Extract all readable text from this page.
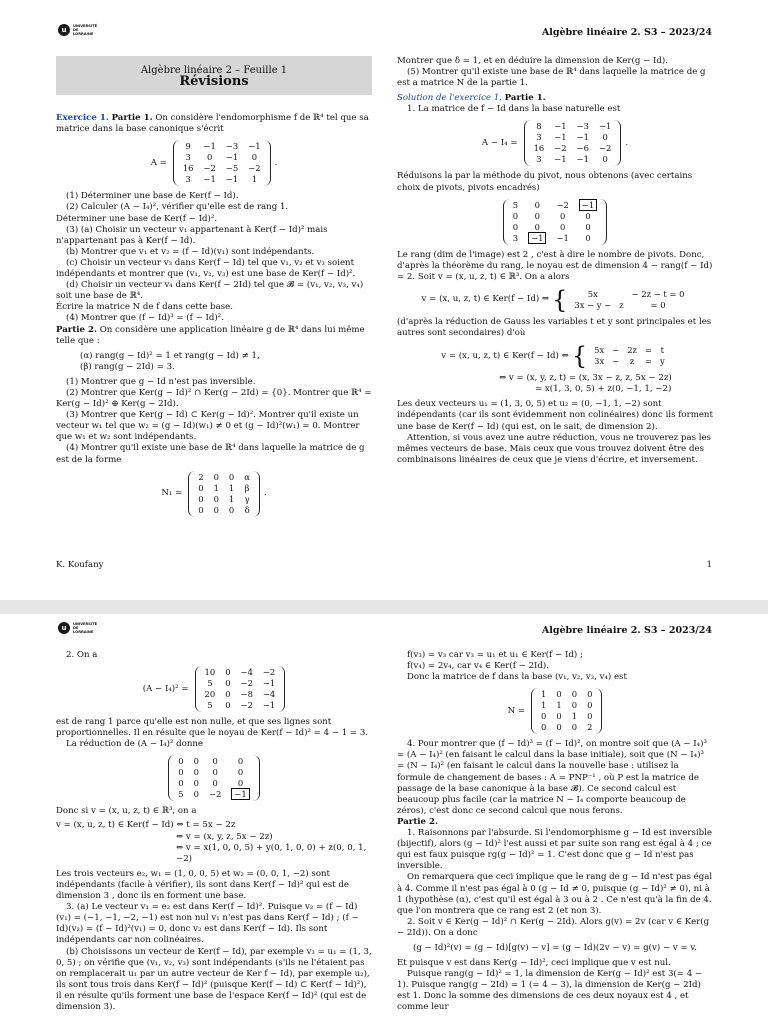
u	UNIVERSITÉ DE LORRAINE	Algèbre linéaire 2. S3 – 2023/24
Algèbre linéaire 2 – Feuille 1
Révisions

Exercice 1. Partie 1. On considère l'endomorphisme f de ℝ⁴ tel que sa matrice dans la base canonique s'écrit

A =
9	−1	−3	−1
3	0	−1	0
16	−2	−5	−2
3	−1	−1	1
.

(1) Déterminer une base de Ker(f − Id).

(2) Calculer (A − I₄)², vérifier qu'elle est de rang 1.

Déterminer une base de Ker(f − Id)².

(3) (a) Choisir un vecteur v₁ appartenant à Ker(f − Id)² mais n'appartenant pas à Ker(f − Id).

(b) Montrer que v₁ et v₂ = (f − Id)(v₁) sont indépendants.

(c) Choisir un vecteur v₃ dans Ker(f − Id) tel que v₁, v₂ et v₃ soient indépendants et montrer que (v₁, v₂, v₃) est une base de Ker(f − Id)².

(d) Choisir un vecteur v₄ dans Ker(f − 2Id) tel que 𝓑 = (v₁, v₂, v₃, v₄) soit une base de ℝ⁴.

Écrire la matrice N de f dans cette base.

(4) Montrer que (f − Id)³ = (f − Id)².

Partie 2. On considère une application linéaire g de ℝ⁴ dans lui même telle que :

(α) rang(g − Id)² = 1 et rang(g − Id) ≠ 1,

(β) rang(g − 2Id) = 3.

(1) Montrer que g − Id n'est pas inversible.

(2) Montrer que Ker(g − Id)² ∩ Ker(g − 2Id) = {0}. Montrer que ℝ⁴ = Ker(g − Id)² ⊕ Ker(g − 2Id).

(3) Montrer que Ker(g − Id) ⊂ Ker(g − Id)². Montrer qu'il existe un vecteur w₁ tel que w₂ = (g − Id)(w₁) ≠ 0 et (g − Id)²(w₁) = 0. Montrer que w₁ et w₂ sont indépendants.

(4) Montrer qu'il existe une base de ℝ⁴ dans laquelle la matrice de g est de la forme

N₁ =
2	0	0	α
0	1	1	β
0	0	1	γ
0	0	0	δ
.

Montrer que δ = 1, et en déduire la dimension de Ker(g − Id).

(5) Montrer qu'il existe une base de ℝ⁴ dans laquelle la matrice de g est a matrice N de la partie 1.

Solution de l'exercice 1. Partie 1.

1. La matrice de f − Id dans la base naturelle est

A − I₄ =
8	−1	−3	−1
3	−1	−1	0
16	−2	−6	−2
3	−1	−1	0
.

Réduisons la par la méthode du pivot, nous obtenons (avec certains choix de pivots, pivots encadrés)

5	0	−2	−1
0	0	0	0
0	0	0	0
3	−1	−1	0

Le rang (dim de l'image) est 2 , c'est à dire le nombre de pivots. Donc, d'après la théorème du rang, le noyau est de dimension 4 − rang(f − Id) = 2. Soit v = (x, u, z, t) ∈ ℝ³. On a alors

v = (x, u, z, t) ∈ Ker(f − Id) ⇔ { 5x		− 2z − t = 0
3x − y −	z	= 0

(d'après la réduction de Gauss les variables t et y sont principales et les autres sont secondaires) d'où

v = (x, u, z, t) ∈ Ker(f − Id) ⇔ { 5x	−	2z	=	t
3x	−	z	=	y

⇔ v = (x, y, z, t) = (x, 3x − z, z, 5x − 2z)

= x(1, 3, 0, 5) + z(0, −1, 1, −2)

Les deux vecteurs u₁ = (1, 3, 0, 5) et u₂ = (0, −1, 1, −2) sont indépendants (car ils sont évidemment non colinéaires) donc ils forment une base de Ker(f − Id) (qui est, on le sait, de dimension 2).

Attention, si vous avez une autre réduction, vous ne trouverez pas les mêmes vecteurs de base. Mais ceux que vous trouvez doivent être des combinaisons linéaires de ceux que je viens d'écrire, et inversement.

K. Koufany	1
u	UNIVERSITÉ DE LORRAINE	Algèbre linéaire 2. S3 – 2023/24

2. On a

(A − I₄)² =
10	0	−4	−2
5	0	−2	−1
20	0	−8	−4
5	0	−2	−1

est de rang 1 parce qu'elle est non nulle, et que ses lignes sont proportionnelles. Il en résulte que le noyau de Ker(f − Id)² = 4 − 1 = 3.

La réduction de (A − I₄)² donne

0	0	0	0
0	0	0	0
0	0	0	0
5	0	−2	−1

Donc si v = (x, u, z, t) ∈ ℝ³, on a

v = (x, u, z, t) ∈ Ker(f − Id) ⇔ t = 5x − 2z

⇔ v = (x, y, z, 5x − 2z)

⇔ v = x(1, 0, 0, 5) + y(0, 1, 0, 0) + z(0, 0, 1, −2)

Les trois vecteurs e₂, w₁ = (1, 0, 0, 5) et w₂ = (0, 0, 1, −2) sont indépendants (facile à vérifier), ils sont dans Ker(f − Id)² qui est de dimension 3 , donc ils en forment une base.

3. (a) Le vecteur v₁ = e₂ est dans Ker(f − Id)². Puisque v₂ = (f − Id)(v₁) = (−1, −1, −2, −1) est non nul v₁ n'est pas dans Ker(f − Id) ; (f − Id)(v₂) = (f − Id)²(v₁) = 0, donc v₂ est dans Ker(f − Id). Ils sont indépendants car non colinéaires.

(b) Choisissons un vecteur de Ker(f − Id), par exemple v₃ = u₁ = (1, 3, 0, 5) ; on vérifie que (v₁, v₂, v₃) sont indépendants (s'ils ne l'étaient pas on remplacerait u₁ par un autre vecteur de Ker f − Id), par exemple u₂), ils sont tous trois dans Ker(f − Id)² (puisque Ker(f − Id) ⊂ Ker(f − Id)²), il en résulte qu'ils forment une base de l'espace Ker(f − Id)² (qui est de dimension 3).

f(v₃) = v₃ car v₃ = u₁ et u₁ ∈ Ker(f − Id) ;

f(v₄) = 2v₄, car v₄ ∈ Ker(f − 2Id).

Donc la matrice de f dans la base (v₁, v₂, v₃, v₄) est

N =
1	0	0	0
1	1	0	0
0	0	1	0
0	0	0	2

4. Pour montrer que (f − Id)³ = (f − Id)², on montre soit que (A − I₄)³ = (A − I₄)² (en faisant le calcul dans la base initiale), soit que (N − I₄)³ = (N − I₄)² (en faisant le calcul dans la nouvelle base : utilisez la formule de changement de bases : A = PNP⁻¹ , où P est la matrice de passage de la base canonique à la base 𝓑). Ce second calcul est beaucoup plus facile (car la matrice N − I₄ comporte beaucoup de zéros), c'est donc ce second calcul que nous ferons.

Partie 2.

1. Raisonnons par l'absurde. Si l'endomorphisme g − Id est inversible (bijectif), alors (g − Id)² l'est aussi et par suite son rang est égal à 4 ; ce qui est faux puisque rg(g − Id)² = 1. C'est donc que g − Id n'est pas inversible.

On remarquera que ceci implique que le rang de g − Id n'est pas égal à 4. Comme il n'est pas égal à 0 (g − Id ≠ 0, puisque (g − Id)² ≠ 0), ni à 1 (hypothèse (α), c'est qu'il est égal à 3 ou à 2 . Ce n'est qu'à la fin de 4. que l'on montrera que ce rang est 2 (et non 3).

2. Soit v ∈ Ker(g − Id)² ∩ Ker(g − 2Id). Alors g(v) = 2v (car v ∈ Ker(g − 2Id)). On a donc

(g − Id)²(v) = (g − Id)[g(v) − v] = (g − Id)(2v − v) = g(v) − v = v.

Et puisque v est dans Ker(g − Id)², ceci implique que v est nul.

Puisque rang(g − Id)² = 1, la dimension de Ker(g − Id)² est 3(= 4 − 1). Puisque rang(g − 2Id) = 1 (= 4 − 3), la dimension de Ker(g − 2Id) est 1. Donc la somme des dimensions de ces deux noyaux est 4 , et comme leur
